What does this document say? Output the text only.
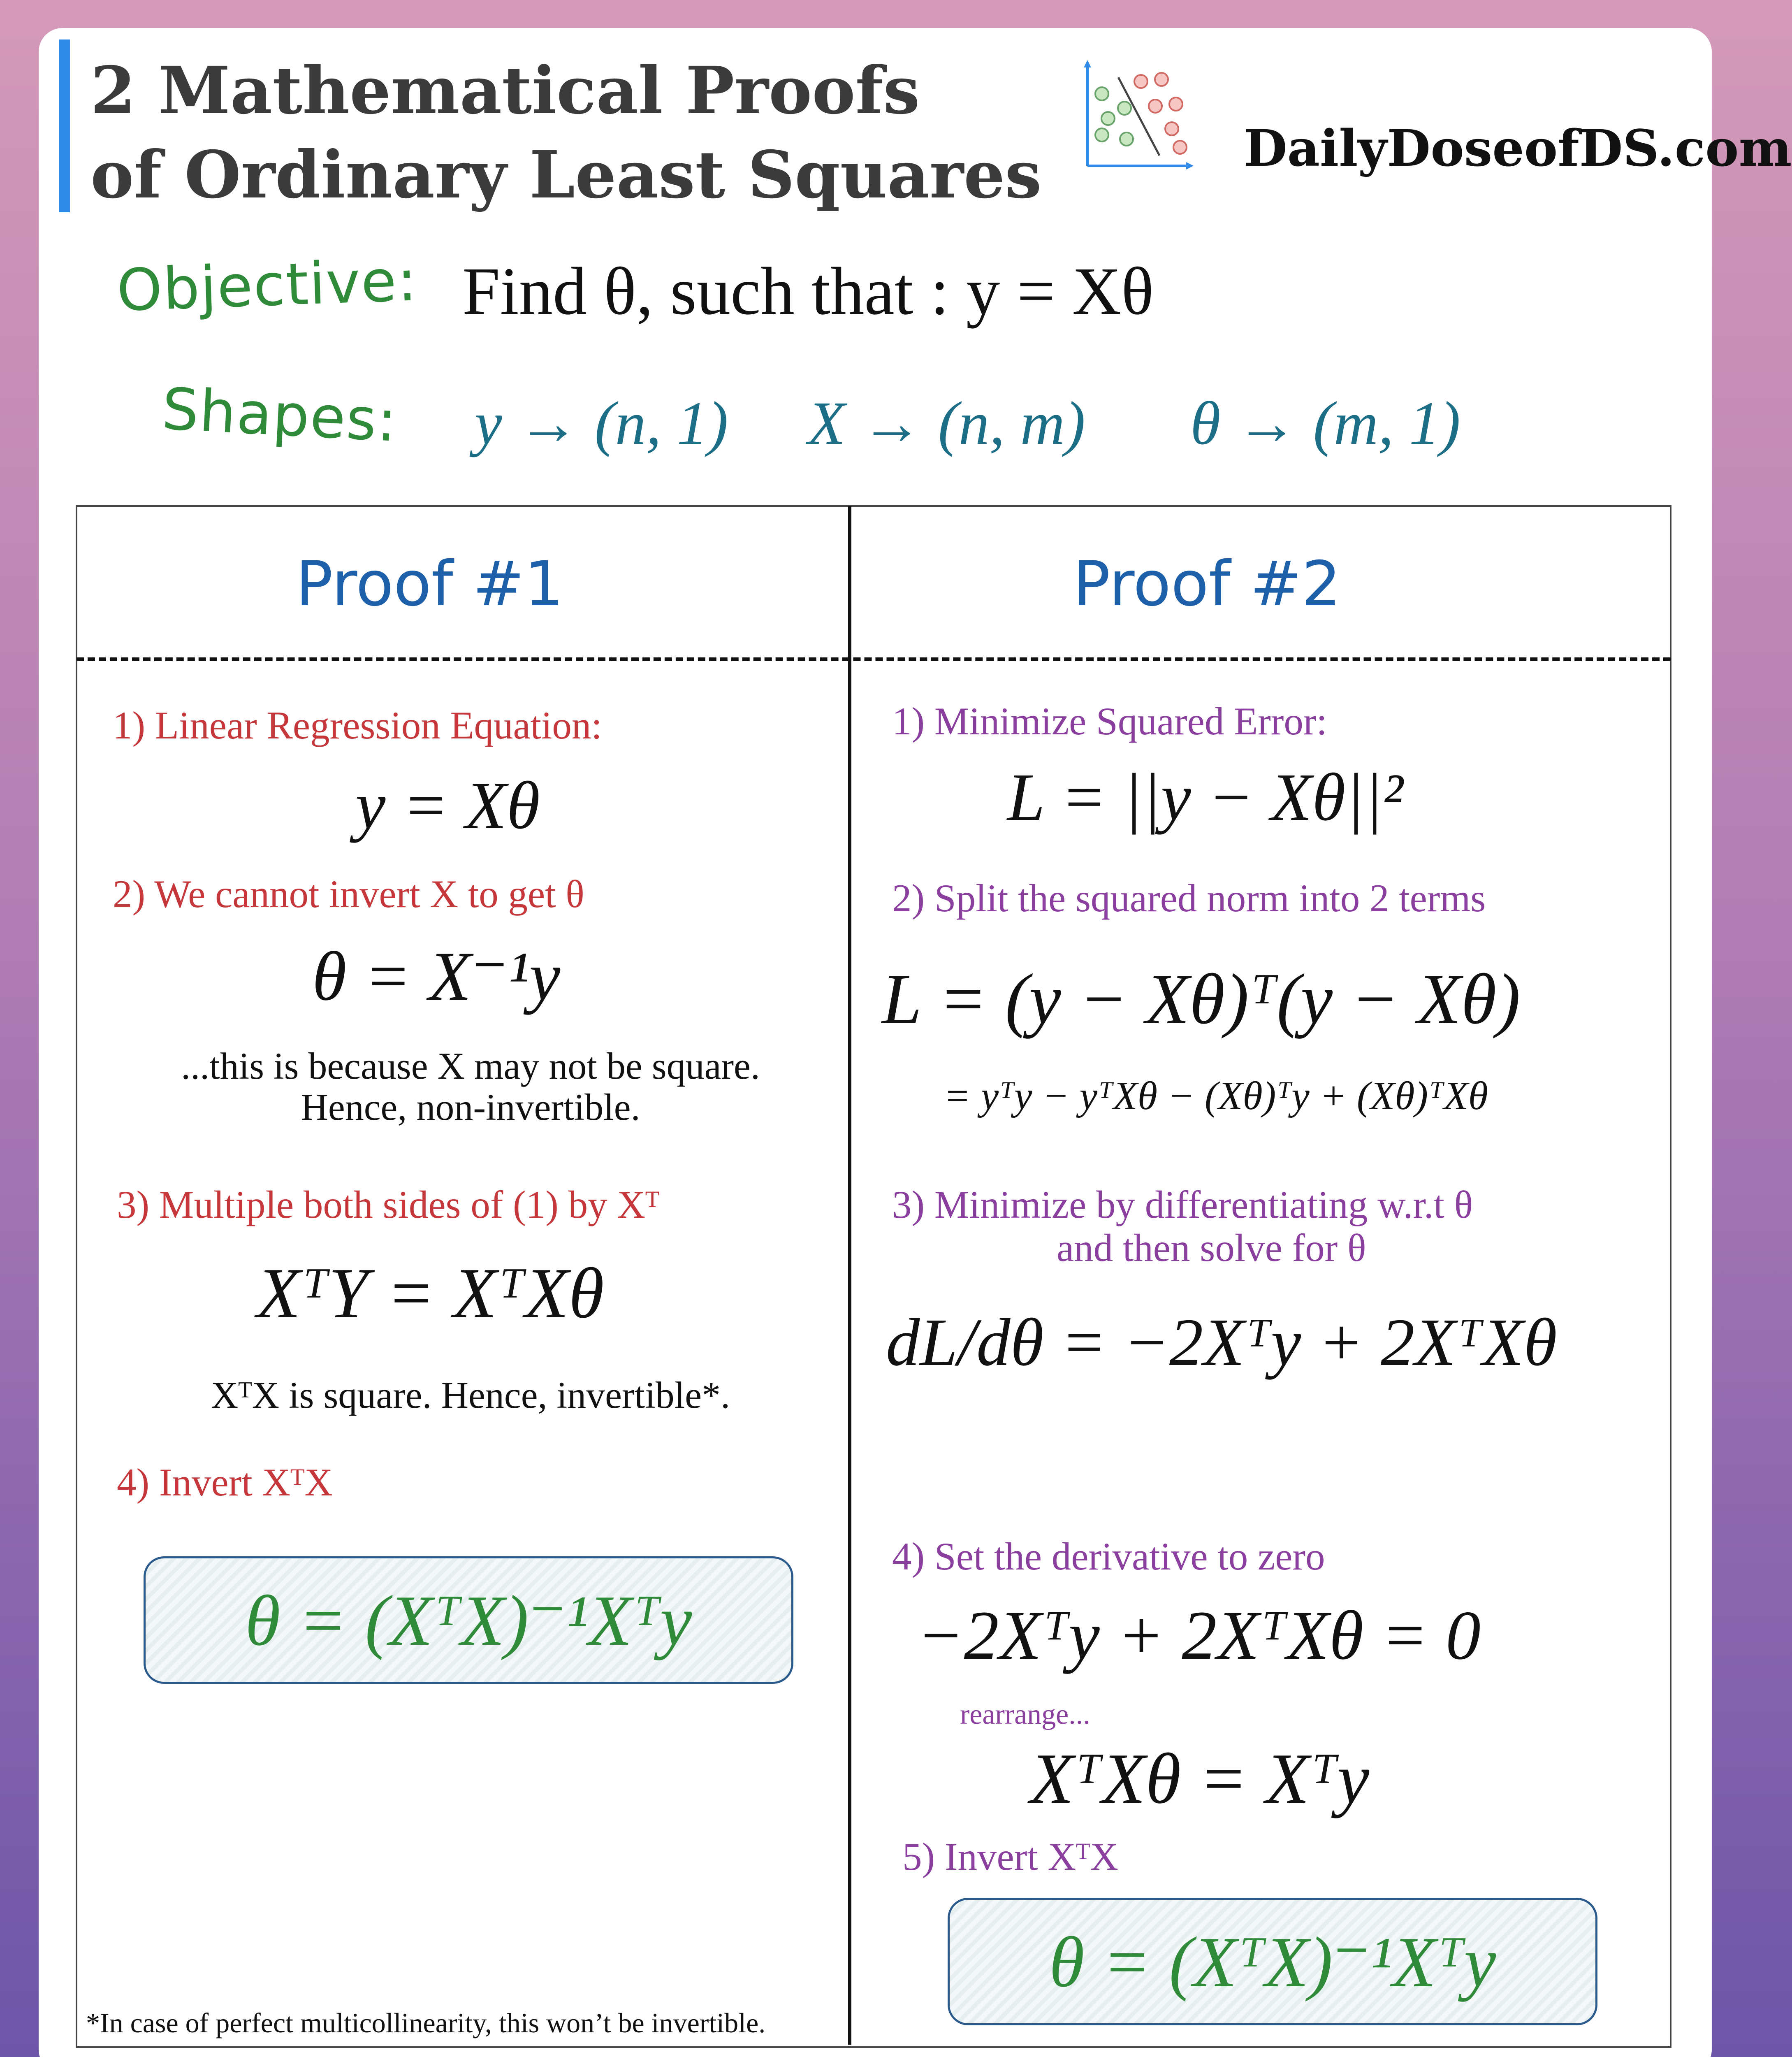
2 Mathematical Proofs
of Ordinary Least Squares	DailyDoseofDS.com
Objective: Find θ, such that : y = Xθ
Shapes: y → (n, 1) X → (n, m) θ → (m, 1)
Proof #1	Proof #2
1) Linear Regression Equation:
y = Xθ
2) We cannot invert X to get θ
θ = X⁻¹y
...this is because X may not be square.
Hence, non-invertible.
3) Multiple both sides of (1) by Xᵀ
XᵀY = XᵀXθ
XᵀX is square. Hence, invertible*.
4) Invert XᵀX
θ = (XᵀX)⁻¹Xᵀy
*In case of perfect multicollinearity, this won’t be invertible.
1) Minimize Squared Error:
L = ||y − Xθ||²
2) Split the squared norm into 2 terms
L = (y − Xθ)ᵀ(y − Xθ)
= yᵀy − yᵀXθ − (Xθ)ᵀy + (Xθ)ᵀXθ
3) Minimize by differentiating w.r.t θ
and then solve for θ
dL/dθ = −2Xᵀy + 2XᵀXθ
4) Set the derivative to zero
−2Xᵀy + 2XᵀXθ = 0
rearrange...
XᵀXθ = Xᵀy
5) Invert XᵀX
θ = (XᵀX)⁻¹Xᵀy
